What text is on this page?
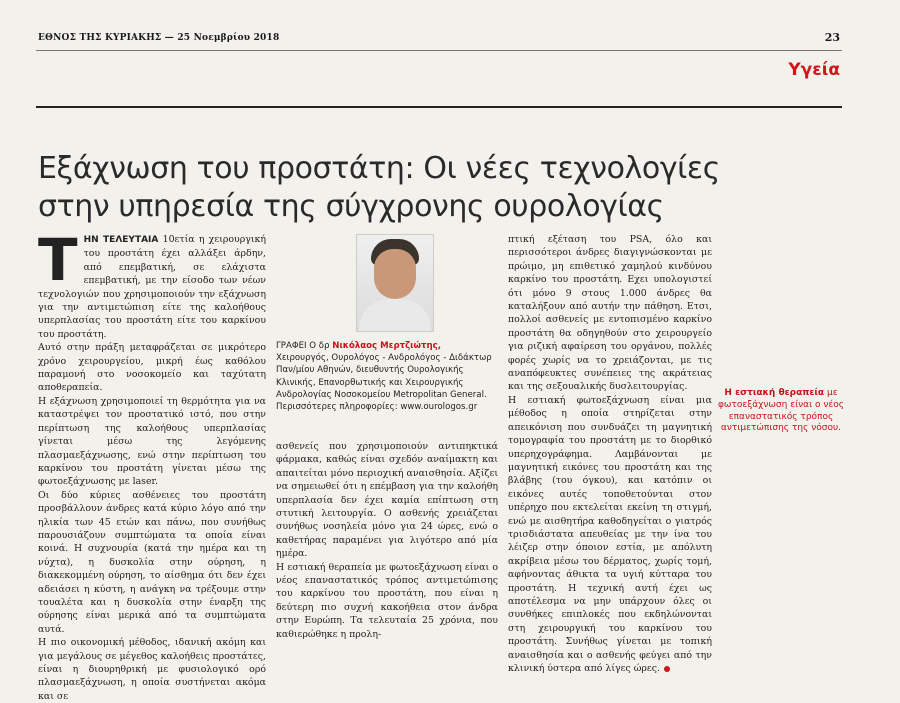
ΕΘΝΟΣ ΤΗΣ ΚΥΡΙΑΚΗΣ — 25 Νοεμβρίου 2018	23
Υγεία
Εξάχνωση του προστάτη: Οι νέες τεχνολογίες στην υπηρεσία της σύγχρονης ουρολογίας

ΤΗΝ ΤΕΛΕΥΤΑΙΑ 10ετία η χειρουργική του προστάτη έχει αλλάξει άρδην, από επεμβατική, σε ελάχιστα επεμβατική, με την είσοδο των νέων τεχνολογιών που χρησιμοποιούν την εξάχνωση για την αντιμετώπιση είτε της καλοήθους υπερπλασίας του προστάτη είτε του καρκίνου του προστάτη.

Αυτό στην πράξη μεταφράζεται σε μικρότερο χρόνο χειρουργείου, μικρή έως καθόλου παραμονή στο νοσοκομείο και ταχύτατη αποθεραπεία.

Η εξάχνωση χρησιμοποιεί τη θερμότητα για να καταστρέψει τον προστατικό ιστό, που στην περίπτωση της καλοήθους υπερπλασίας γίνεται μέσω της λεγόμενης πλασμαεξάχνωσης, ενώ στην περίπτωση του καρκίνου του προστάτη γίνεται μέσω της φωτοεξάχνωσης με laser.

Οι δύο κύριες ασθένειες του προστάτη προσβάλλουν άνδρες κατά κύριο λόγο από την ηλικία των 45 ετών και πάνω, που συνήθως παρουσιάζουν συμπτώματα τα οποία είναι κοινά. Η συχνουρία (κατά την ημέρα και τη νύχτα), η δυσκολία στην ούρηση, η διακεκομμένη ούρηση, το αίσθημα ότι δεν έχει αδειάσει η κύστη, η ανάγκη να τρέξουμε στην τουαλέτα και η δυσκολία στην έναρξη της ούρησης είναι μερικά από τα συμπτώματα αυτά.

Η πιο οικονομική μέθοδος, ιδανική ακόμη και για μεγάλους σε μέγεθος καλοήθεις προστάτες, είναι η διουρηθρική με φυσιολογικό ορό πλασμαεξάχνωση, η οποία συστήνεται ακόμα και σε

ΓΡΑΦΕΙ Ο δρ Νικόλαος Μερτζιώτης,

Χειρουργός, Ουρολόγος - Ανδρολόγος - Διδάκτωρ Παν/μίου Αθηνών, διευθυντής Ουρολογικής Κλινικής, Επανορθωτικής και Χειρουργικής Ανδρολογίας Νοσοκομείου Metropolitan General.

Περισσότερες πληροφορίες: www.ourologos.gr

ασθενείς που χρησιμοποιούν αντιπηκτικά φάρμακα, καθώς είναι σχεδόν αναίμακτη και απαιτείται μόνο περιοχική αναισθησία. Αξίζει να σημειωθεί ότι η επέμβαση για την καλοήθη υπερπλασία δεν έχει καμία επίπτωση στη στυτική λειτουργία. Ο ασθενής χρειάζεται συνήθως νοσηλεία μόνο για 24 ώρες, ενώ ο καθετήρας παραμένει για λιγότερο από μία ημέρα.

Η εστιακή θεραπεία με φωτοεξάχνωση είναι ο νέος επαναστατικός τρόπος αντιμετώπισης του καρκίνου του προστάτη, που είναι η δεύτερη πιο συχνή κακοήθεια στον άνδρα στην Ευρώπη. Τα τελευταία 25 χρόνια, που καθιερώθηκε η προλη-

πτική εξέταση του PSA, όλο και περισσότεροι άνδρες διαγιγνώσκονται με πρώιμο, μη επιθετικό χαμηλού κινδύνου καρκίνο του προστάτη. Εχει υπολογιστεί ότι μόνο 9 στους 1.000 άνδρες θα καταλήξουν από αυτήν την πάθηση. Ετσι, πολλοί ασθενείς με εντοπισμένο καρκίνο προστάτη θα οδηγηθούν στο χειρουργείο για ριζική αφαίρεση του οργάνου, πολλές φορές χωρίς να το χρειάζονται, με τις αναπόφευκτες συνέπειες της ακράτειας και της σεξουαλικής δυσλειτουργίας.

Η εστιακή φωτοεξάχνωση είναι μια μέθοδος η οποία στηρίζεται στην απεικόνιση που συνδυάζει τη μαγνητική τομογραφία του προστάτη με το διορθικό υπερηχογράφημα. Λαμβάνονται με μαγνητική εικόνες του προστάτη και της βλάβης (του όγκου), και κατόπιν οι εικόνες αυτές τοποθετούνται στον υπέρηχο που εκτελείται εκείνη τη στιγμή, ενώ με αισθητήρα καθοδηγείται ο γιατρός τρισδιάστατα απευθείας με την ίνα του λέιζερ στην όποιον εστία, με απόλυτη ακρίβεια μέσω του δέρματος, χωρίς τομή, αφήνοντας άθικτα τα υγιή κύτταρα του προστάτη. Η τεχνική αυτή έχει ως αποτέλεσμα να μην υπάρχουν όλες οι συνθήκες επιπλοκές που εκδηλώνονται στη χειρουργική του καρκίνου του προστάτη. Συνήθως γίνεται με τοπική αναισθησία και ο ασθενής φεύγει από την κλινική ύστερα από λίγες ώρες.

Η εστιακή θεραπεία με φωτοεξάχνωση είναι ο νέος επαναστατικός τρόπος αντιμετώπισης της νόσου.
